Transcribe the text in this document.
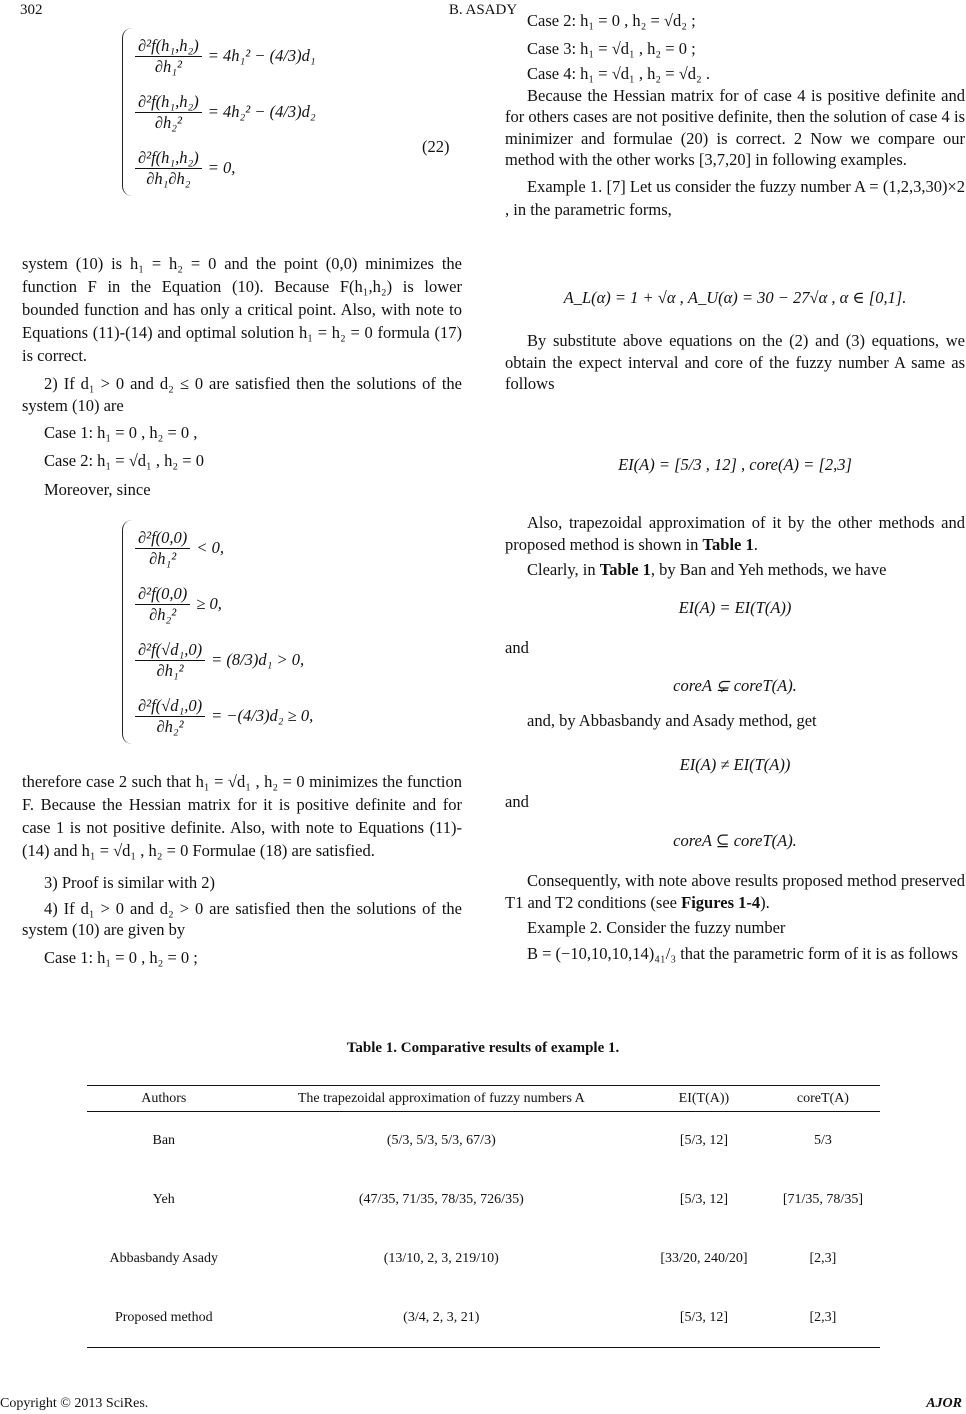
302	B. ASADY
$\frac{\text{∂²f(h₁,h₂)}}{\text{∂h₁²}} = 4h_1^2 - (4/3)d_1$
$\frac{\text{∂²f(h₁,h₂)}}{\text{∂h₂²}} = 4h_2^2 - (4/3)d_2$
$\frac{\text{∂²f(h₁,h₂)}}{\text{∂h₁∂h₂}} = 0$,
(22)

system (10) is h₁ = h₂ = 0 and the point (0,0) minimizes the function F in the Equation (10). Because F(h₁,h₂) is lower bounded function and has only a critical point. Also, with note to Equations (11)-(14) and optimal solution h₁ = h₂ = 0 formula (17) is correct.

2) If d₁ > 0 and d₂ ≤ 0 are satisfied then the solutions of the system (10) are

Case 1: h₁ = 0 , h₂ = 0 ,

Case 2: h₁ = √d₁ , h₂ = 0

Moreover, since

$\frac{\text{∂²f(0,0)}}{\text{∂h₁²}} < 0$,
$\frac{\text{∂²f(0,0)}}{\text{∂h₂²}} \ge 0$,
$\frac{\text{∂²f(√d₁,0)}}{\text{∂h₁²}} = (8/3)d_1 > 0$,
$\frac{\text{∂²f(√d₁,0)}}{\text{∂h₂²}} = -(4/3)d_2 \ge 0$,

therefore case 2 such that h₁ = √d₁ , h₂ = 0 minimizes the function F. Because the Hessian matrix for it is positive definite and for case 1 is not positive definite. Also, with note to Equations (11)-(14) and h₁ = √d₁ , h₂ = 0 Formulae (18) are satisfied.

3) Proof is similar with 2)

4) If d₁ > 0 and d₂ > 0 are satisfied then the solutions of the system (10) are given by

Case 1: h₁ = 0 , h₂ = 0 ;

Case 2: h₁ = 0 , h₂ = √d₂ ;

Case 3: h₁ = √d₁ , h₂ = 0 ;

Case 4: h₁ = √d₁ , h₂ = √d₂ .

Because the Hessian matrix for of case 4 is positive definite and for others cases are not positive definite, then the solution of case 4 is minimizer and formulae (20) is correct. 2 Now we compare our method with the other works [3,7,20] in following examples.

Example 1. [7] Let us consider the fuzzy number A = (1,2,3,30)×2 , in the parametric forms,

A_L(α) = 1 + √α , A_U(α) = 30 − 27√α , α ∈ [0,1].

By substitute above equations on the (2) and (3) equations, we obtain the expect interval and core of the fuzzy number A same as follows

EI(A) = [5/3 , 12] , core(A) = [2,3]

Also, trapezoidal approximation of it by the other methods and proposed method is shown in Table 1.

Clearly, in Table 1, by Ban and Yeh methods, we have

EI(A) = EI(T(A))
and
coreA ⊊ coreT(A).
and, by Abbasbandy and Asady method, get
EI(A) ≠ EI(T(A))
and
coreA ⊆ coreT(A).

Consequently, with note above results proposed method preserved T1 and T2 conditions (see Figures 1-4).

Example 2. Consider the fuzzy number

B = (−10,10,10,14)₄₁/₃ that the parametric form of it is as follows

Table 1. Comparative results of example 1.
Authors	The trapezoidal approximation of fuzzy numbers A	EI(T(A))	coreT(A)
Ban	(5/3, 5/3, 5/3, 67/3)	[5/3, 12]	5/3
Yeh	(47/35, 71/35, 78/35, 726/35)	[5/3, 12]	[71/35, 78/35]
Abbasbandy Asady	(13/10, 2, 3, 219/10)	[33/20, 240/20]	[2,3]
Proposed method	(3/4, 2, 3, 21)	[5/3, 12]	[2,3]
Copyright © 2013 SciRes.	AJOR
